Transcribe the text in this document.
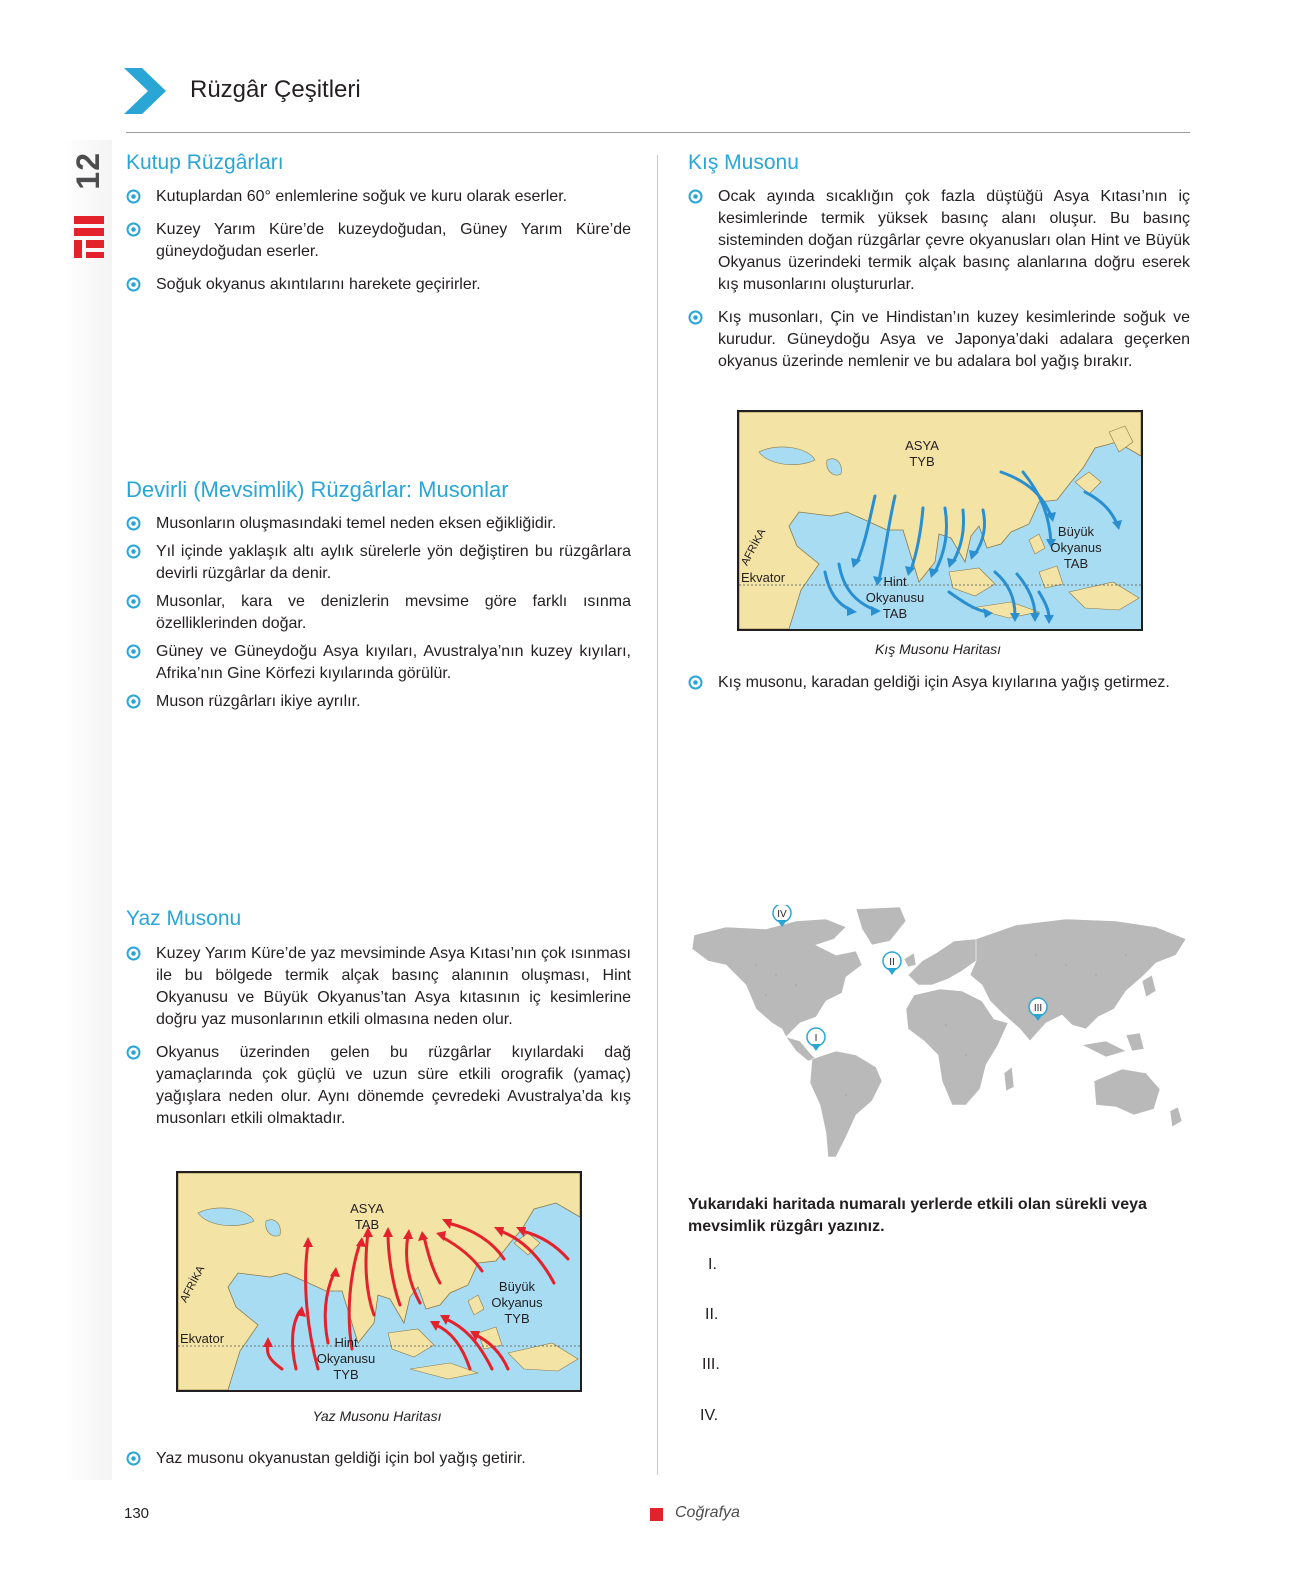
12
Rüzgâr Çeşitleri
Kutup Rüzgârları
Kutuplardan 60° enlemlerine soğuk ve kuru olarak eserler.
Kuzey Yarım Küre’de kuzeydoğudan, Güney Yarım Küre’de güneydoğudan eserler.
Soğuk okyanus akıntılarını harekete geçirirler.
Devirli (Mevsimlik) Rüzgârlar: Musonlar
Musonların oluşmasındaki temel neden eksen eğikliğidir.
Yıl içinde yaklaşık altı aylık sürelerle yön değiştiren bu rüzgârlara devirli rüzgârlar da denir.
Musonlar, kara ve denizlerin mevsime göre farklı ısınma özelliklerinden doğar.
Güney ve Güneydoğu Asya kıyıları, Avustralya’nın kuzey kıyıları, Afrika’nın Gine Körfezi kıyılarında görülür.
Muson rüzgârları ikiye ayrılır.
Yaz Musonu
Kuzey Yarım Küre’de yaz mevsiminde Asya Kıtası’nın çok ısınması ile bu bölgede termik alçak basınç alanının oluşması, Hint Okyanusu ve Büyük Okyanus’tan Asya kıtasının iç kesimlerine doğru yaz musonlarının etkili olmasına neden olur.
Okyanus üzerinden gelen bu rüzgârlar kıyılardaki dağ yamaçlarında çok güçlü ve uzun süre etkili orografik (yamaç) yağışlara neden olur. Aynı dönemde çevredeki Avustralya’da kış musonları etkili olmaktadır.
ASYA
TAB
Büyük
Okyanus
TYB
Hint
Okyanusu
TYB
AFRİKA
Ekvator
Yaz Musonu Haritası
Yaz musonu okyanustan geldiği için bol yağış getirir.
Kış Musonu
Ocak ayında sıcaklığın çok fazla düştüğü Asya Kıtası’nın iç kesimlerinde termik yüksek basınç alanı oluşur. Bu basınç sisteminden doğan rüzgârlar çevre okyanusları olan Hint ve Büyük Okyanus üzerindeki termik alçak basınç alanlarına doğru eserek kış musonlarını oluştururlar.
Kış musonları, Çin ve Hindistan’ın kuzey kesimlerinde soğuk ve kurudur. Güneydoğu Asya ve Japonya’daki adalara geçerken okyanus üzerinde nemlenir ve bu adalara bol yağış bırakır.
ASYA
TYB
Büyük
Okyanus
TAB
Hint
Okyanusu
TAB
AFRİKA
Ekvator
Kış Musonu Haritası
Kış musonu, karadan geldiği için Asya kıyılarına yağış getirmez.
IV
II
III
I
Yukarıdaki haritada numaralı yerlerde etkili olan sürekli veya mevsimlik rüzgârı yazınız.
I.
II.
III.
IV.
130	Coğrafya
